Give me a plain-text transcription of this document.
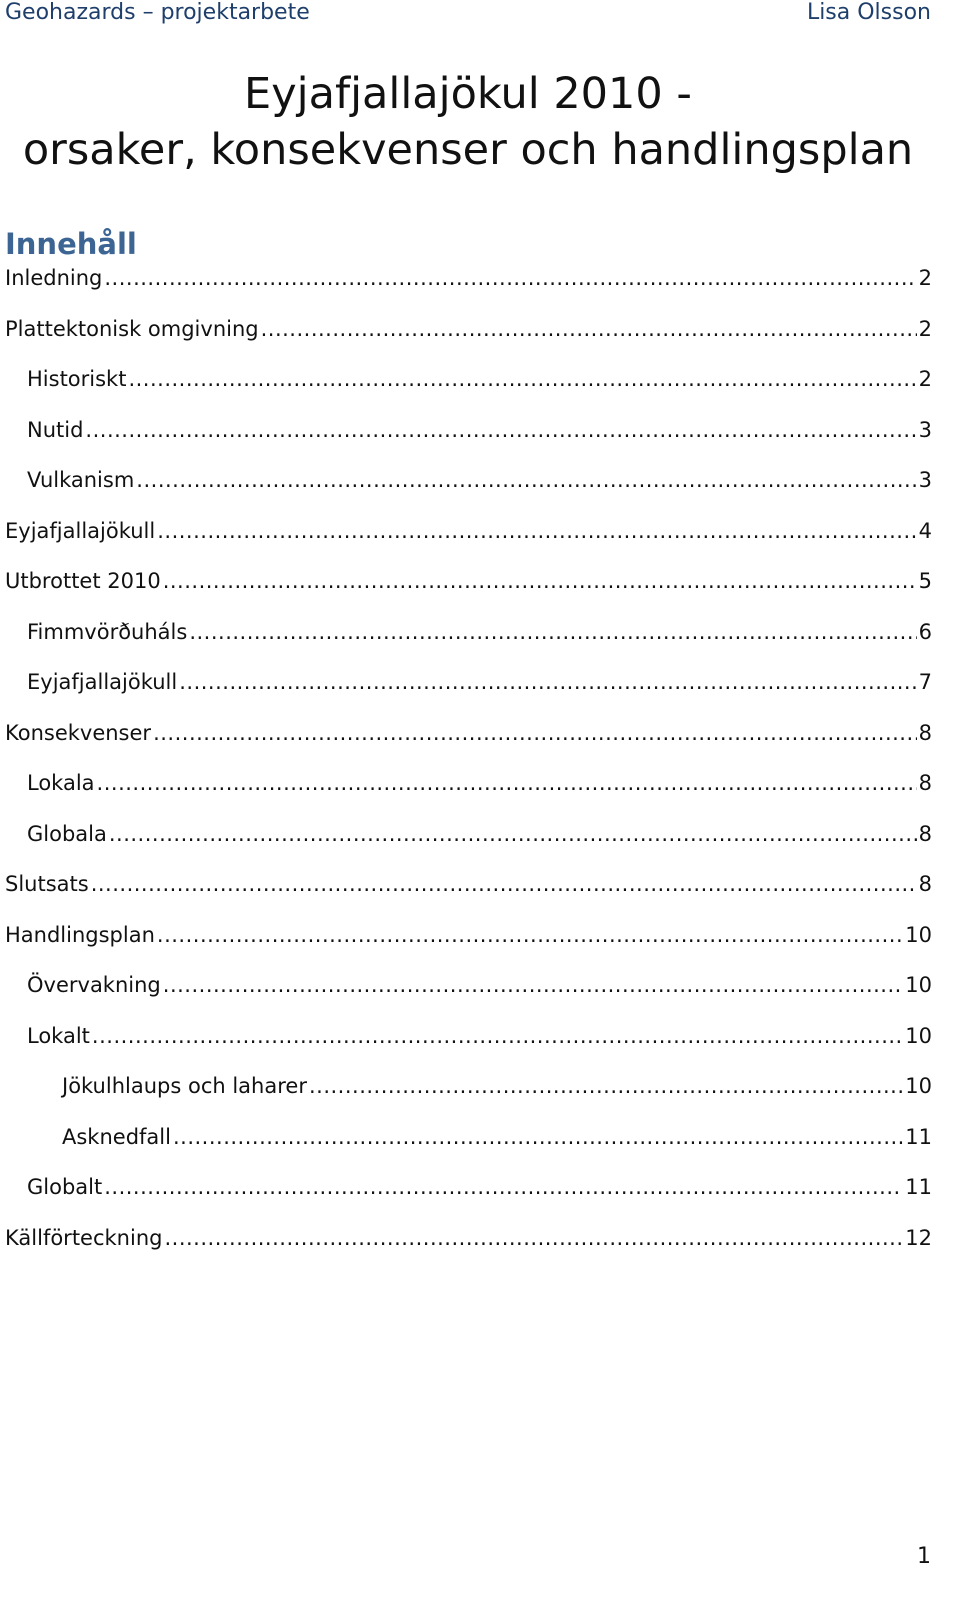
Geohazards – projektarbete	Lisa Olsson
Eyjafjallajökul 2010 -
orsaker, konsekvenser och handlingsplan
Innehåll
Inledning .....	2
Plattektonisk omgivning .....	2
Historiskt .....	2
Nutid .....	3
Vulkanism .....	3
Eyjafjallajökull .....	4
Utbrottet 2010 .....	5
Fimmvörðuháls .....	6
Eyjafjallajökull .....	7
Konsekvenser .....	8
Lokala .....	8
Globala .....	8
Slutsats .....	8
Handlingsplan .....	10
Övervakning .....	10
Lokalt .....	10
Jökulhlaups och laharer .....	10
Asknedfall .....	11
Globalt .....	11
Källförteckning .....	12
1
